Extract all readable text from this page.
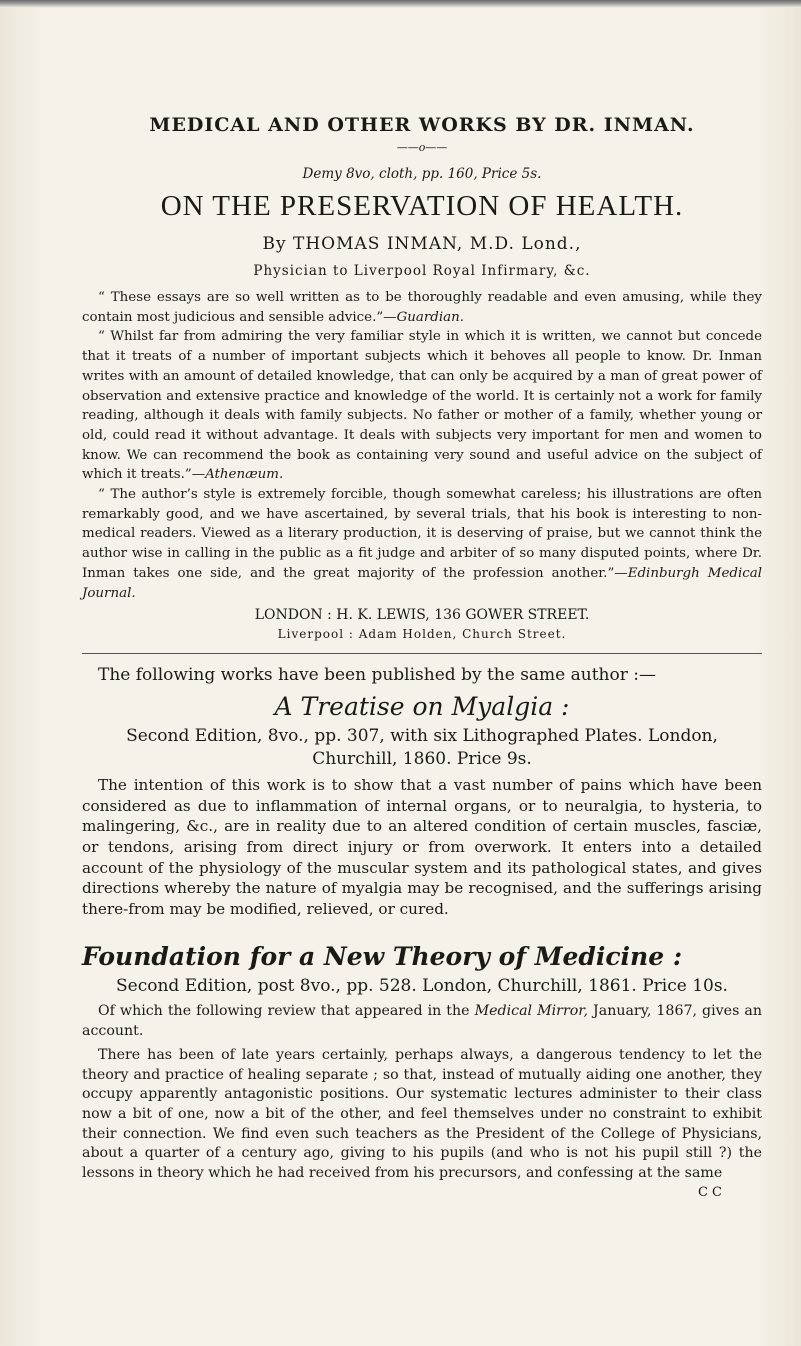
MEDICAL AND OTHER WORKS BY DR. INMAN.

——o——

Demy 8vo, cloth, pp. 160, Price 5s.

ON THE PRESERVATION OF HEALTH.

By THOMAS INMAN, M.D. Lond.,

Physician to Liverpool Royal Infirmary, &c.

“ These essays are so well written as to be thoroughly readable and even amusing, while they contain most judicious and sensible advice.”—Guardian.

“ Whilst far from admiring the very familiar style in which it is written, we cannot but concede that it treats of a number of important subjects which it behoves all people to know. Dr. Inman writes with an amount of detailed knowledge, that can only be acquired by a man of great power of observation and extensive practice and knowledge of the world. It is certainly not a work for family reading, although it deals with family subjects. No father or mother of a family, whether young or old, could read it without advantage. It deals with subjects very important for men and women to know. We can recommend the book as containing very sound and useful advice on the subject of which it treats.”—Athenæum.

“ The author’s style is extremely forcible, though somewhat careless; his illustrations are often remarkably good, and we have ascertained, by several trials, that his book is interesting to non-medical readers. Viewed as a literary production, it is deserving of praise, but we cannot think the author wise in calling in the public as a fit judge and arbiter of so many disputed points, where Dr. Inman takes one side, and the great majority of the profession another.”—Edinburgh Medical Journal.

LONDON : H. K. LEWIS, 136 GOWER STREET.

Liverpool : Adam Holden, Church Street.

The following works have been published by the same author :—

A Treatise on Myalgia :

Second Edition, 8vo., pp. 307, with six Lithographed Plates. London, Churchill, 1860. Price 9s.

The intention of this work is to show that a vast number of pains which have been considered as due to inflammation of internal organs, or to neuralgia, to hysteria, to malingering, &c., are in reality due to an altered condition of certain muscles, fasciæ, or tendons, arising from direct injury or from overwork. It enters into a detailed account of the physiology of the muscular system and its pathological states, and gives directions whereby the nature of myalgia may be recognised, and the sufferings arising there-from may be modified, relieved, or cured.

Foundation for a New Theory of Medicine :

Second Edition, post 8vo., pp. 528. London, Churchill, 1861. Price 10s.

Of which the following review that appeared in the Medical Mirror, January, 1867, gives an account.

There has been of late years certainly, perhaps always, a dangerous tendency to let the theory and practice of healing separate ; so that, instead of mutually aiding one another, they occupy apparently antagonistic positions. Our systematic lectures administer to their class now a bit of one, now a bit of the other, and feel themselves under no constraint to exhibit their connection. We find even such teachers as the President of the College of Physicians, about a quarter of a century ago, giving to his pupils (and who is not his pupil still ?) the lessons in theory which he had received from his precursors, and confessing at the same

C C
